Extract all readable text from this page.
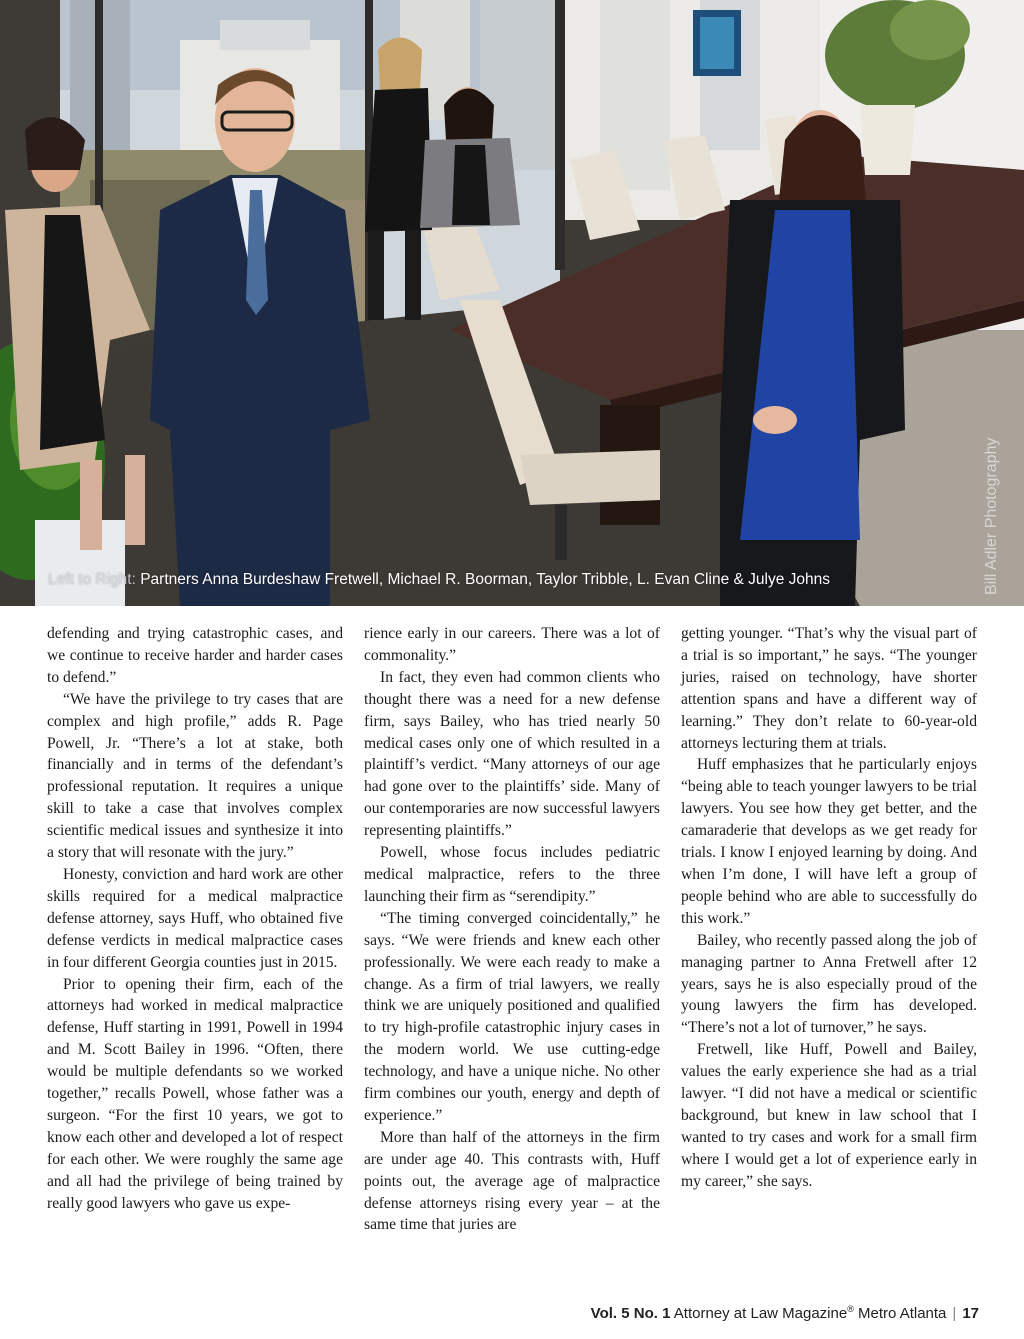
Left to Right: Partners Anna Burdeshaw Fretwell, Michael R. Boorman, Taylor Tribble, L. Evan Cline & Julye Johns	Bill Adler Photography

defending and trying catastrophic cases, and we continue to receive harder and harder cases to defend.”

“We have the privilege to try cases that are complex and high profile,” adds R. Page Powell, Jr. “There’s a lot at stake, both financially and in terms of the defendant’s professional reputation. It requires a unique skill to take a case that involves complex scientific medical issues and synthesize it into a story that will resonate with the jury.”

Honesty, conviction and hard work are other skills required for a medical malpractice defense attorney, says Huff, who obtained five defense verdicts in medical malpractice cases in four different Georgia counties just in 2015.

Prior to opening their firm, each of the attorneys had worked in medical malpractice defense, Huff starting in 1991, Powell in 1994 and M. Scott Bailey in 1996. “Often, there would be multiple defendants so we worked together,” recalls Powell, whose father was a surgeon. “For the first 10 years, we got to know each other and developed a lot of respect for each other. We were roughly the same age and all had the privilege of being trained by really good lawyers who gave us expe-

rience early in our careers. There was a lot of commonality.”

In fact, they even had common clients who thought there was a need for a new defense firm, says Bailey, who has tried nearly 50 medical cases only one of which resulted in a plaintiff’s verdict. “Many attorneys of our age had gone over to the plaintiffs’ side. Many of our contemporaries are now successful lawyers representing plaintiffs.”

Powell, whose focus includes pediatric medical malpractice, refers to the three launching their firm as “serendipity.”

“The timing converged coincidentally,” he says. “We were friends and knew each other professionally. We were each ready to make a change. As a firm of trial lawyers, we really think we are uniquely positioned and qualified to try high-profile catastrophic injury cases in the modern world. We use cutting-edge technology, and have a unique niche. No other firm combines our youth, energy and depth of experience.”

More than half of the attorneys in the firm are under age 40. This contrasts with, Huff points out, the average age of malpractice defense attorneys rising every year – at the same time that juries are

getting younger. “That’s why the visual part of a trial is so important,” he says. “The younger juries, raised on technology, have shorter attention spans and have a different way of learning.” They don’t relate to 60-year-old attorneys lecturing them at trials.

Huff emphasizes that he particularly enjoys “being able to teach younger lawyers to be trial lawyers. You see how they get better, and the camaraderie that develops as we get ready for trials. I know I enjoyed learning by doing. And when I’m done, I will have left a group of people behind who are able to successfully do this work.”

Bailey, who recently passed along the job of managing partner to Anna Fretwell after 12 years, says he is also especially proud of the young lawyers the firm has developed. “There’s not a lot of turnover,” he says.

Fretwell, like Huff, Powell and Bailey, values the early experience she had as a trial lawyer. “I did not have a medical or scientific background, but knew in law school that I wanted to try cases and work for a small firm where I would get a lot of experience early in my career,” she says.

Vol. 5 No. 1 Attorney at Law Magazine® Metro Atlanta | 17
